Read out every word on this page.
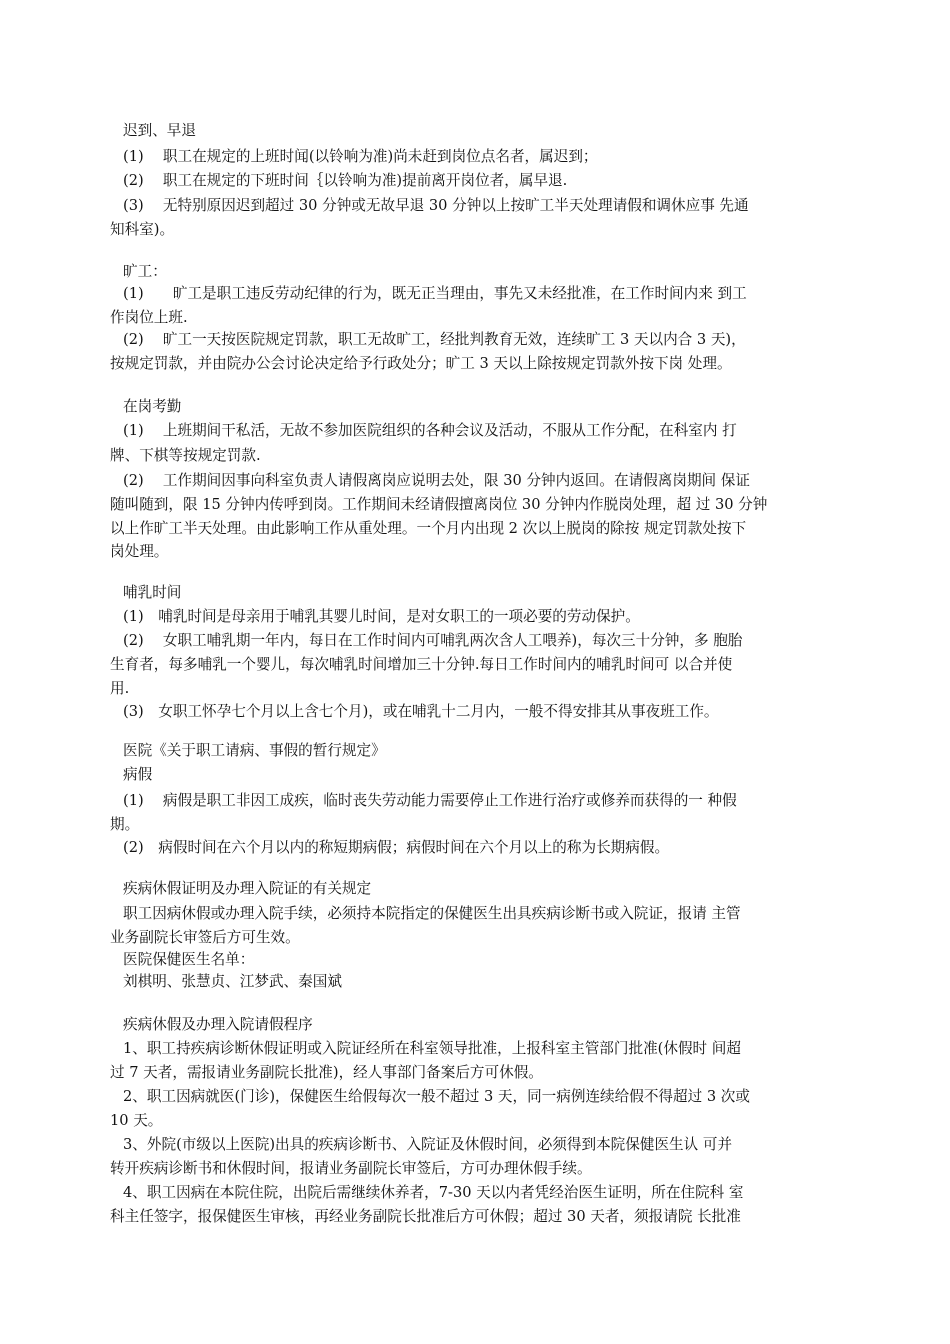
迟到、早退
(1)　 职工在规定的上班时闻(以铃响为准)尚未赶到岗位点名者，属迟到；
(2)　 职工在规定的下班时间｛以铃响为准)提前离开岗位者，属早退.
(3)　 无特别原因迟到超过 30 分钟或无故早退 30 分钟以上按旷工半天处理请假和调休应事 先通
知科室)。
旷工：
(1)　　旷工是职工违反劳动纪律的行为，既无正当理由，事先又未经批准，在工作时间内来 到工
作岗位上班.
(2)　 旷工一天按医院规定罚款，职工无故旷工，经批判教育无效，连续旷工 3 天以内合 3 天)，
按规定罚款，并由院办公会讨论决定给予行政处分；旷工 3 天以上除按规定罚款外按下岗 处理。
在岗考勤
(1)　 上班期间干私活，无故不参加医院组织的各种会议及活动，不服从工作分配，在科室内 打
牌、下棋等按规定罚款.
(2)　 工作期间因事向科室负责人请假离岗应说明去处，限 30 分钟内返回。在请假离岗期间 保证
随叫随到，限 15 分钟内传呼到岗。工作期间未经请假擅离岗位 30 分钟内作脱岗处理，超 过 30 分钟
以上作旷工半天处理。由此影响工作从重处理。一个月内出现 2 次以上脱岗的除按 规定罚款处按下
岗处理。
哺乳时间
(1)　哺乳时间是母亲用于哺乳其婴儿时间，是对女职工的一项必要的劳动保护。
(2)　 女职工哺乳期一年内，每日在工作时间内可哺乳两次含人工喂养)，每次三十分钟，多 胞胎
生育者，每多哺乳一个婴儿，每次哺乳时间增加三十分钟.每日工作时间内的哺乳时间可 以合并使
用.
(3)　女职工怀孕七个月以上含七个月)，或在哺乳十二月内，一般不得安排其从事夜班工作。
医院《关于职工请病、事假的暂行规定》
病假
(1)　 病假是职工非因工成疾，临时丧失劳动能力需要停止工作进行治疗或修养而获得的一 种假
期。
(2)　病假时间在六个月以内的称短期病假；病假时间在六个月以上的称为长期病假。
疾病休假证明及办理入院证的有关规定
职工因病休假或办理入院手续，必须持本院指定的保健医生出具疾病诊断书或入院证，报请 主管
业务副院长审签后方可生效。
医院保健医生名单：
刘棋明、张慧贞、江梦武、秦国斌
疾病休假及办理入院请假程序
1、职工持疾病诊断休假证明或入院证经所在科室领导批准，上报科室主管部门批准(休假时 间超
过 7 天者，需报请业务副院长批准)，经人事部门备案后方可休假。
2、职工因病就医(门诊)，保健医生给假每次一般不超过 3 天，同一病例连续给假不得超过 3 次或
10 天。
3、外院(市级以上医院)出具的疾病诊断书、入院证及休假时间，必须得到本院保健医生认 可并
转开疾病诊断书和休假时间，报请业务副院长审签后，方可办理休假手续。
4、职工因病在本院住院，出院后需继续休养者，7-30 天以内者凭经治医生证明，所在住院科 室
科主任签字，报保健医生审核，再经业务副院长批准后方可休假；超过 30 天者，须报请院 长批准
